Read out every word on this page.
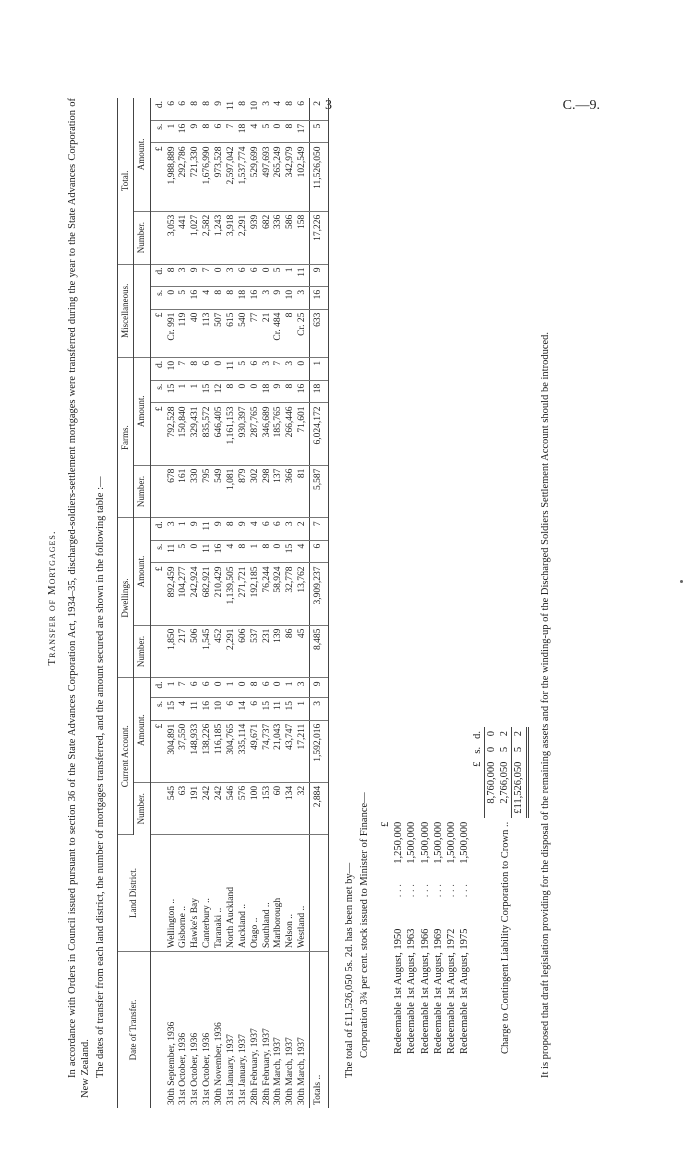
3	C.—9.
Transfer of Mortgages. In accordance with Orders in Council issued pursuant to section 36 of the State Advances Corporation Act, 1934–35, discharged-soldiers-settlement mortgages were transferred during the year to the State Advances Corporation of New Zealand. The dates of transfer from each land district, the number of mortgages transferred, and the amount secured are shown in the following table :— Date of Transfer.	Land District.	Current Account.				Dwellings.				Farms.				Miscellaneous.			Total.			
		Number.	Amount.			Number.	Amount.			Number.	Amount.						Number.	Amount.		
			£	s.	d.		£	s.	d.		£	s.	d.	£	s.	d.		£	s.	d.
30th September, 1936	Wellington ..	545	304,891	15	1	1,850	892,459	11	3	678	792,528	15	10	Cr. 991	0	8	3,053	1,988,889	1	6
31st October, 1936	Gisborne ..	63	37,550	4	7	217	104,277	5	1	161	150,840	1	7	119	5	3	441	292,786	16	6
31st October, 1936	Hawke's Bay	191	148,933	11	6	506	242,924	0	9	330	329,431	1	8	40	16	9	1,027	721,330	9	8
31st October, 1936	Canterbury ..	242	138,226	16	6	1,545	682,921	11	11	795	835,572	15	6	113	4	7	2,582	1,676,990	8	8
30th November, 1936	Taranaki ..	242	116,185	10	0	452	210,429	16	9	549	646,405	12	0	507	8	0	1,243	973,528	6	9
31st January, 1937	North Auckland	546	304,765	6	1	2,291	1,139,505	4	8	1,081	1,161,153	8	11	615	8	3	3,918	2,597,042	7	11
31st January, 1937	Auckland ..	576	335,114	14	0	606	271,721	8	9	879	930,397	0	5	540	18	6	2,291	1,537,774	18	8
28th February, 1937	Otago ..	100	49,671	6	8	537	192,185	1	4	302	287,765	0	6	77	16	6	939	529,699	4	10
28th February, 1937	Southland ..	153	74,737	15	6	231	76,244	8	6	298	346,689	18	3	21	3	0	682	497,693	5	3
30th March, 1937	Marlborough	60	21,043	11	0	139	58,924	0	6	137	185,765	9	7	Cr. 484	9	5	336	265,249	0	4
30th March, 1937	Nelson ..	134	43,747	15	1	86	32,778	15	3	366	266,446	8	3	8	10	1	586	342,979	8	8
30th March, 1937	Westland ..	32	17,211	1	3	45	13,762	4	2	81	71,601	16	0	Cr. 25	3	11	158	102,549	17	6
Totals ..		2,884	1,592,016	3	9	8,485	3,909,237	6	7	5,587	6,024,172	18	1	633	16	9	17,226	11,526,050	5	2
The total of £11,526,050 5s. 2d. has been met by— Corporation 3¾ per cent. stock issued to Minister of Finance—
		£			
Redeemable 1st August, 1950	. . .	1,250,000			
Redeemable 1st August, 1963	. . .	1,500,000			
Redeemable 1st August, 1966	. . .	1,500,000			
Redeemable 1st August, 1969	. . .	1,500,000			
Redeemable 1st August, 1972	. . .	1,500,000			
Redeemable 1st August, 1975	. . .	1,500,000			
			£	s.	d.
			8,760,000	0	0
Charge to Contingent Liability Corporation to Crown ..			2,766,050	5	2
			£11,526,050	5	2 It is proposed that draft legislation providing for the disposal of the remaining assets and for the winding-up of the Discharged Soldiers Settlement Account should be introduced.
